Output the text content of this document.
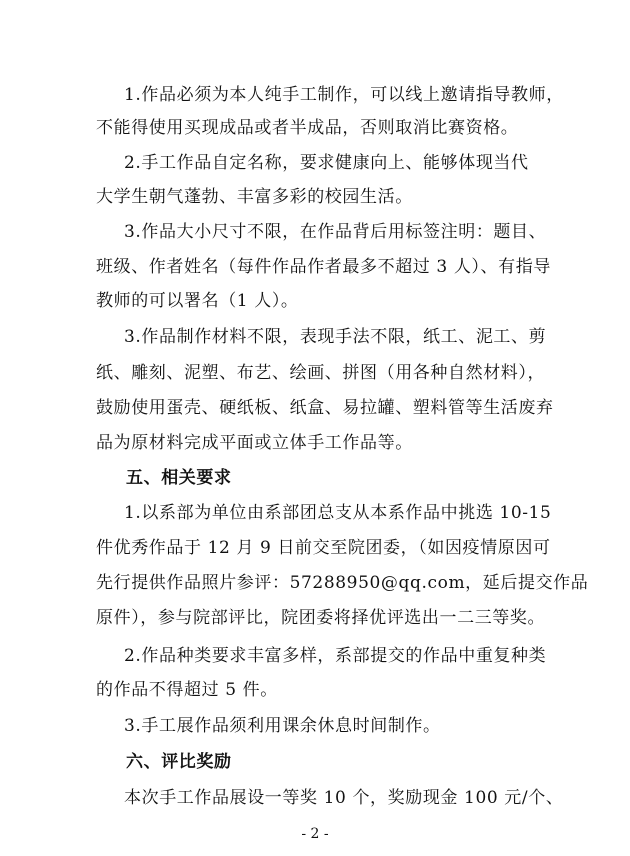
1.作品必须为本人纯手工制作，可以线上邀请指导教师，
不能得使用买现成品或者半成品，否则取消比赛资格。
2.手工作品自定名称，要求健康向上、能够体现当代
大学生朝气蓬勃、丰富多彩的校园生活。
3.作品大小尺寸不限，在作品背后用标签注明：题目、
班级、作者姓名（每件作品作者最多不超过 3 人）、有指导
教师的可以署名（1 人）。
3.作品制作材料不限，表现手法不限，纸工、泥工、剪
纸、雕刻、泥塑、布艺、绘画、拼图（用各种自然材料），
鼓励使用蛋壳、硬纸板、纸盒、易拉罐、塑料管等生活废弃
品为原材料完成平面或立体手工作品等。
五、相关要求
1.以系部为单位由系部团总支从本系作品中挑选 10-15
件优秀作品于 12 月 9 日前交至院团委，（如因疫情原因可
先行提供作品照片参评：57288950@qq.com，延后提交作品
原件），参与院部评比，院团委将择优评选出一二三等奖。
2.作品种类要求丰富多样，系部提交的作品中重复种类
的作品不得超过 5 件。
3.手工展作品须利用课余休息时间制作。
六、评比奖励
本次手工作品展设一等奖 10 个，奖励现金 100 元/个、
- 2 -
